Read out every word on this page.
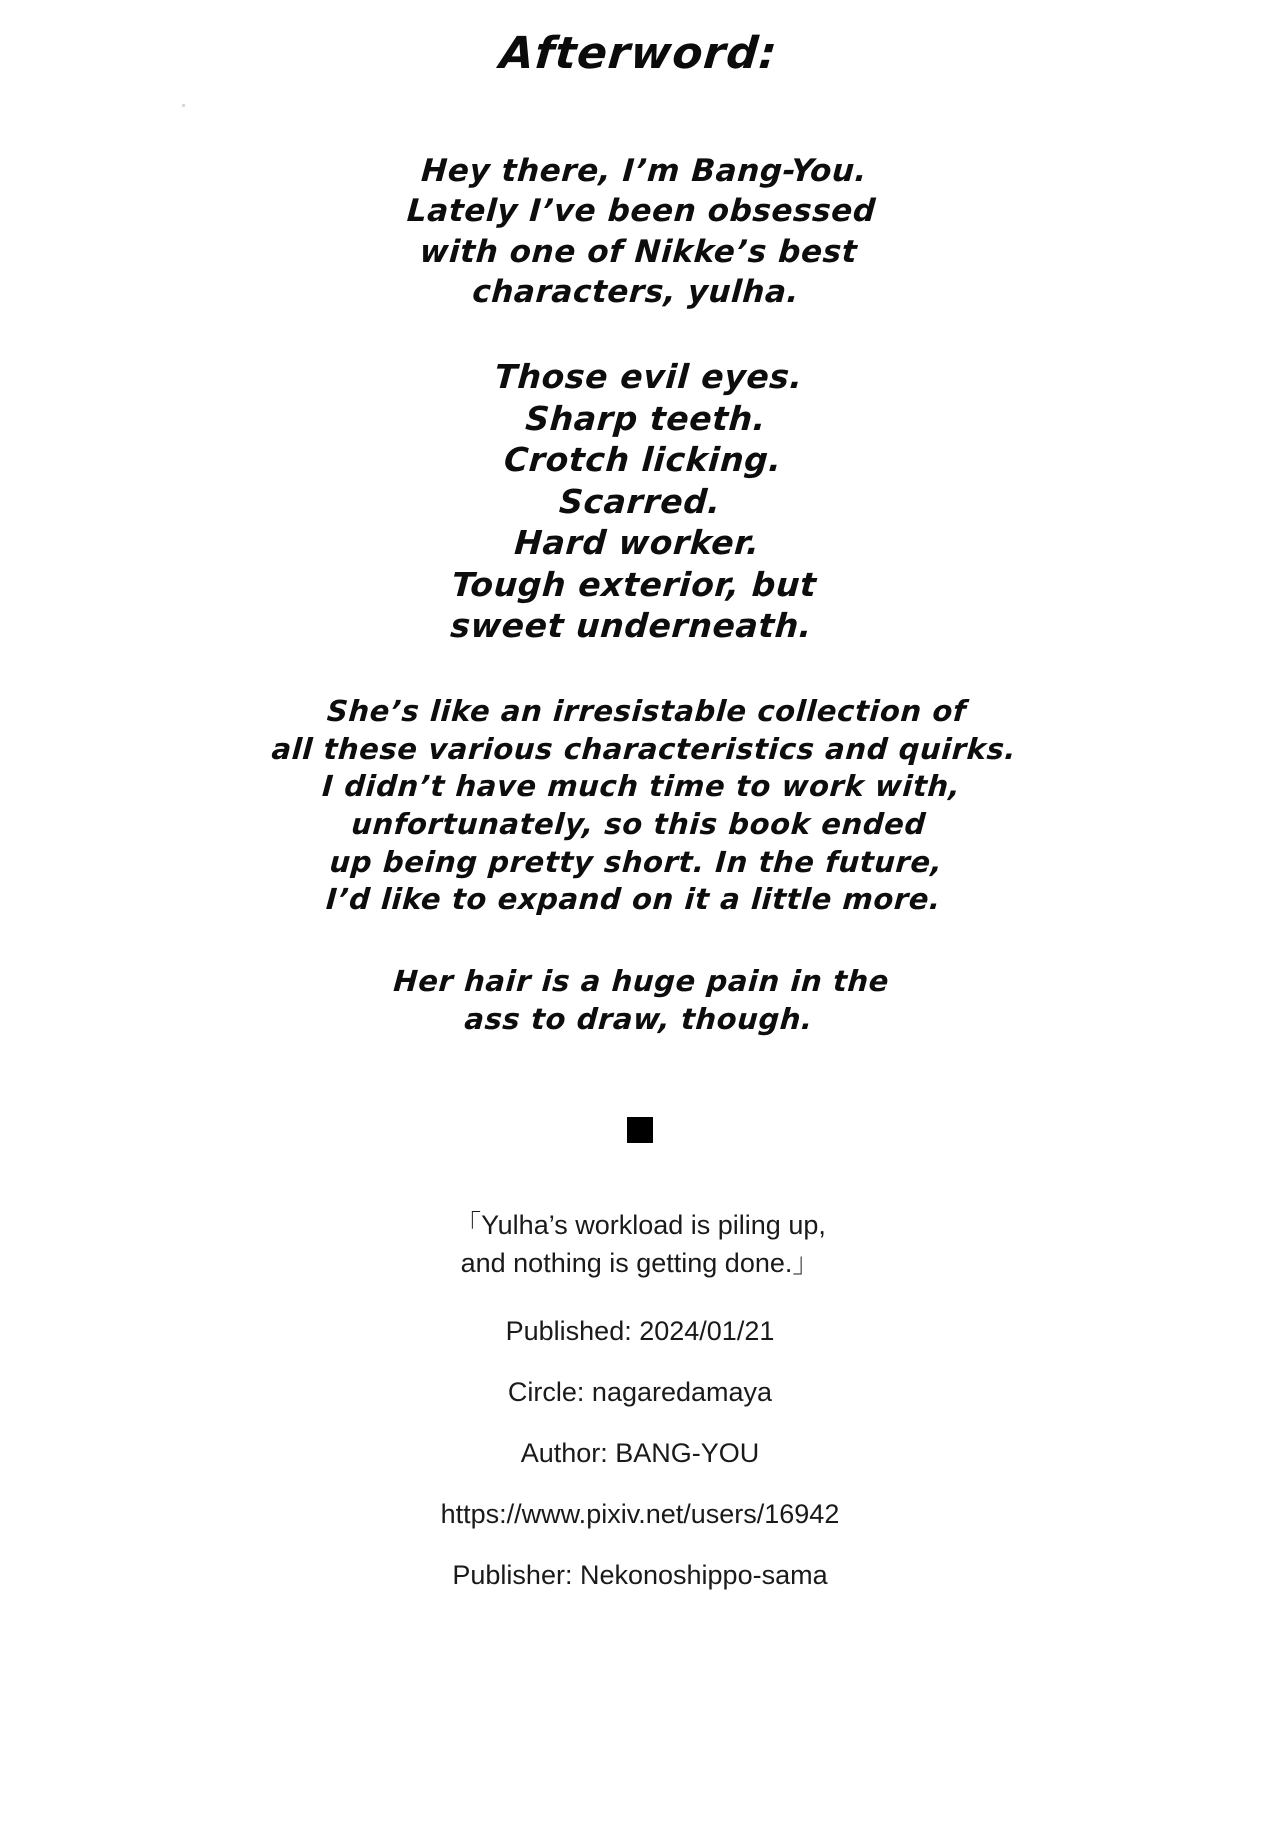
Afterword:
Hey there, I’m Bang-You.
Lately I’ve been obsessed
with one of Nikke’s best
characters, yulha.
Those evil eyes.
Sharp teeth.
Crotch licking.
Scarred.
Hard worker.
Tough exterior, but
sweet underneath.
She’s like an irresistable collection of
all these various characteristics and quirks.
I didn’t have much time to work with,
unfortunately, so this book ended
up being pretty short. In the future,
I’d like to expand on it a little more.
Her hair is a huge pain in the
ass to draw, though.
「Yulha’s workload is piling up,
and nothing is getting done.」
Published: 2024/01/21
Circle: nagaredamaya
Author: BANG-YOU
https://www.pixiv.net/users/16942
Publisher: Nekonoshippo-sama
